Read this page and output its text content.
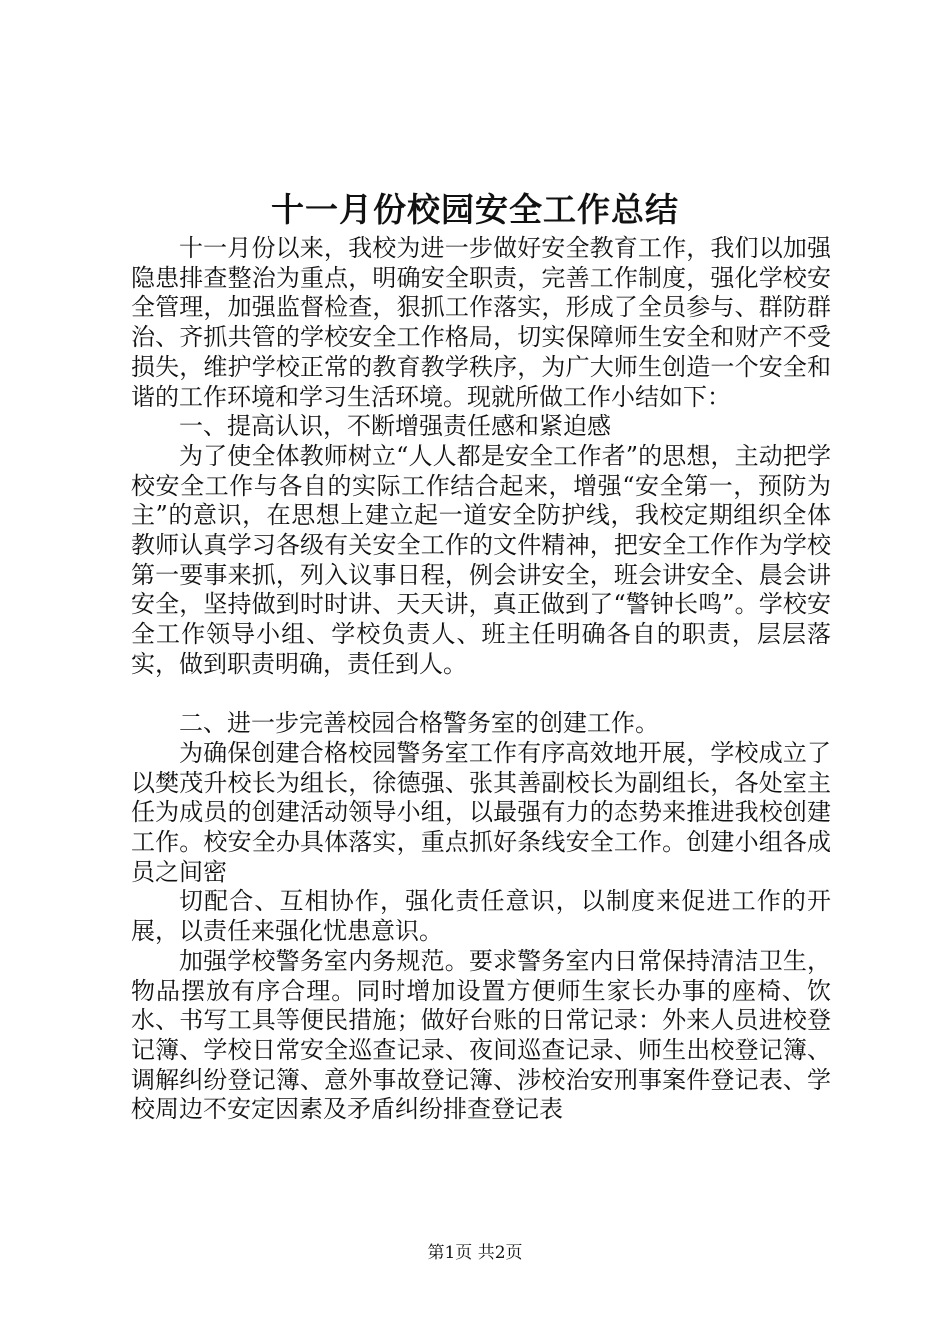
十一月份校园安全工作总结

十一月份以来，我校为进一步做好安全教育工作，我们以加强隐患排查整治为重点，明确安全职责，完善工作制度，强化学校安全管理，加强监督检查，狠抓工作落实，形成了全员参与、群防群治、齐抓共管的学校安全工作格局，切实保障师生安全和财产不受损失，维护学校正常的教育教学秩序，为广大师生创造一个安全和谐的工作环境和学习生活环境。现就所做工作小结如下：

一、提高认识，不断增强责任感和紧迫感

为了使全体教师树立“人人都是安全工作者”的思想，主动把学校安全工作与各自的实际工作结合起来，增强“安全第一，预防为主”的意识，在思想上建立起一道安全防护线，我校定期组织全体教师认真学习各级有关安全工作的文件精神，把安全工作作为学校第一要事来抓，列入议事日程，例会讲安全，班会讲安全、晨会讲安全，坚持做到时时讲、天天讲，真正做到了“警钟长鸣”。学校安全工作领导小组、学校负责人、班主任明确各自的职责，层层落实，做到职责明确，责任到人。

二、进一步完善校园合格警务室的创建工作。

为确保创建合格校园警务室工作有序高效地开展，学校成立了以樊茂升校长为组长，徐德强、张其善副校长为副组长，各处室主任为成员的创建活动领导小组，以最强有力的态势来推进我校创建工作。校安全办具体落实，重点抓好条线安全工作。创建小组各成员之间密

切配合、互相协作，强化责任意识，以制度来促进工作的开展，以责任来强化忧患意识。

加强学校警务室内务规范。要求警务室内日常保持清洁卫生，物品摆放有序合理。同时增加设置方便师生家长办事的座椅、饮水、书写工具等便民措施；做好台账的日常记录：外来人员进校登记簿、学校日常安全巡查记录、夜间巡查记录、师生出校登记簿、调解纠纷登记簿、意外事故登记簿、涉校治安刑事案件登记表、学校周边不安定因素及矛盾纠纷排查登记表

第1页 共2页
